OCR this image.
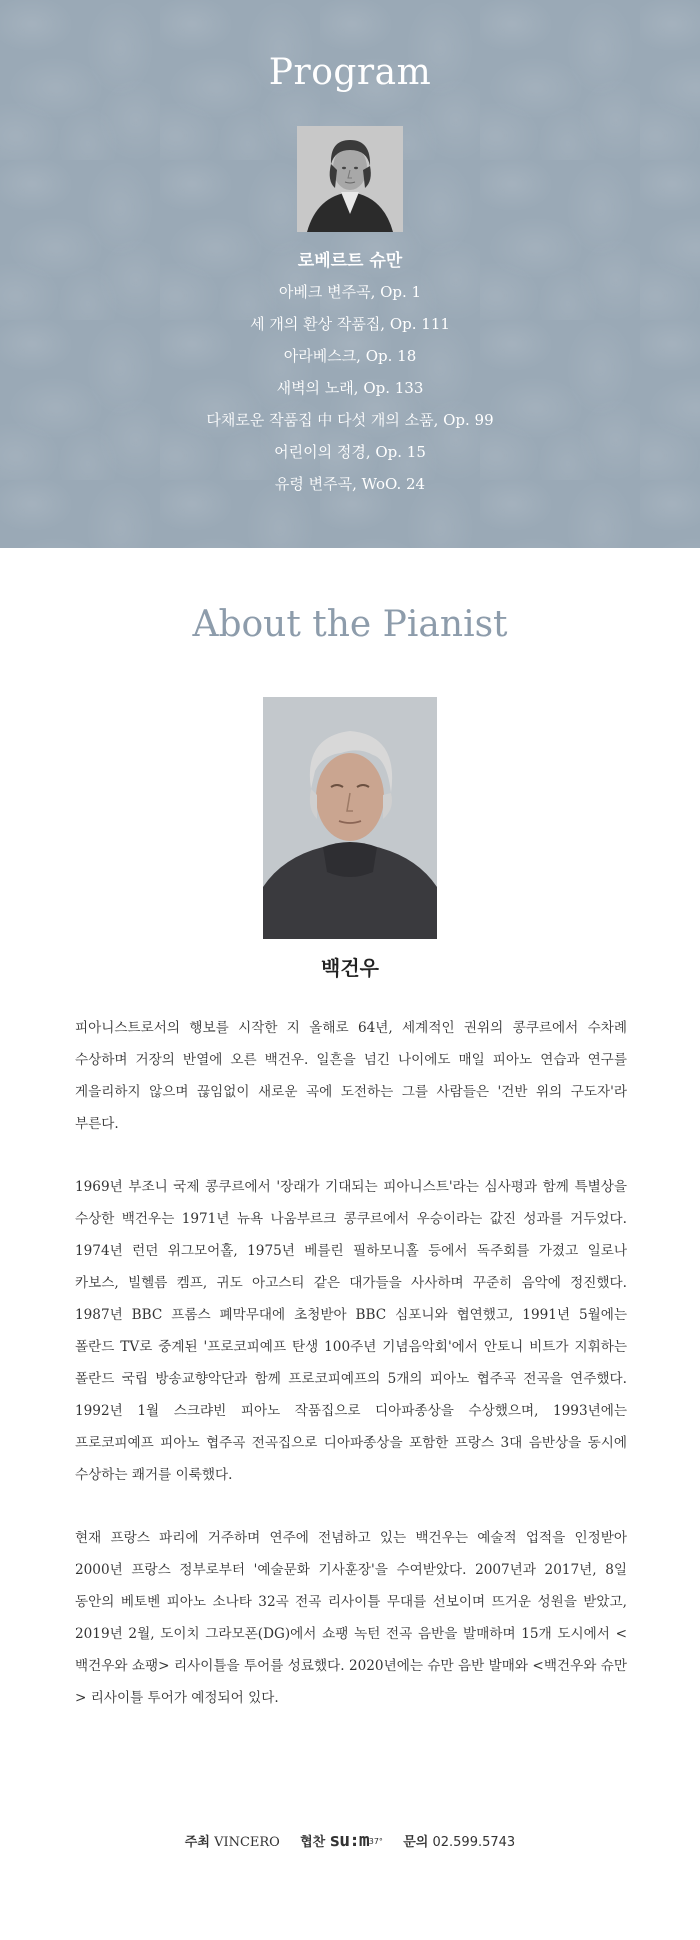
Program
로베르트 슈만
아베크 변주곡, Op. 1
세 개의 환상 작품집, Op. 111
아라베스크, Op. 18
새벽의 노래, Op. 133
다채로운 작품집 中 다섯 개의 소품, Op. 99
어린이의 정경, Op. 15
유령 변주곡, WoO. 24
About the Pianist
백건우

피아니스트로서의 행보를 시작한 지 올해로 64년, 세계적인 권위의 콩쿠르에서 수차례 수상하며 거장의 반열에 오른 백건우. 일흔을 넘긴 나이에도 매일 피아노 연습과 연구를 게을리하지 않으며 끊임없이 새로운 곡에 도전하는 그를 사람들은 '건반 위의 구도자'라 부른다.

1969년 부조니 국제 콩쿠르에서 '장래가 기대되는 피아니스트'라는 심사평과 함께 특별상을 수상한 백건우는 1971년 뉴욕 나움부르크 콩쿠르에서 우승이라는 값진 성과를 거두었다. 1974년 런던 위그모어홀, 1975년 베를린 필하모니홀 등에서 독주회를 가졌고 일로나 카보스, 빌헬름 켐프, 귀도 아고스티 같은 대가들을 사사하며 꾸준히 음악에 정진했다. 1987년 BBC 프롬스 폐막무대에 초청받아 BBC 심포니와 협연했고, 1991년 5월에는 폴란드 TV로 중계된 '프로코피예프 탄생 100주년 기념음악회'에서 안토니 비트가 지휘하는 폴란드 국립 방송교향악단과 함께 프로코피예프의 5개의 피아노 협주곡 전곡을 연주했다. 1992년 1월 스크랴빈 피아노 작품집으로 디아파종상을 수상했으며, 1993년에는 프로코피예프 피아노 협주곡 전곡집으로 디아파종상을 포함한 프랑스 3대 음반상을 동시에 수상하는 쾌거를 이룩했다.

현재 프랑스 파리에 거주하며 연주에 전념하고 있는 백건우는 예술적 업적을 인정받아 2000년 프랑스 정부로부터 '예술문화 기사훈장'을 수여받았다. 2007년과 2017년, 8일 동안의 베토벤 피아노 소나타 32곡 전곡 리사이틀 무대를 선보이며 뜨거운 성원을 받았고, 2019년 2월, 도이치 그라모폰(DG)에서 쇼팽 녹턴 전곡 음반을 발매하며 15개 도시에서 <백건우와 쇼팽> 리사이틀을 투어를 성료했다. 2020년에는 슈만 음반 발매와 <백건우와 슈만> 리사이틀 투어가 예정되어 있다.

주최 VINCERO 협찬 su:m37° 문의 02.599.5743
